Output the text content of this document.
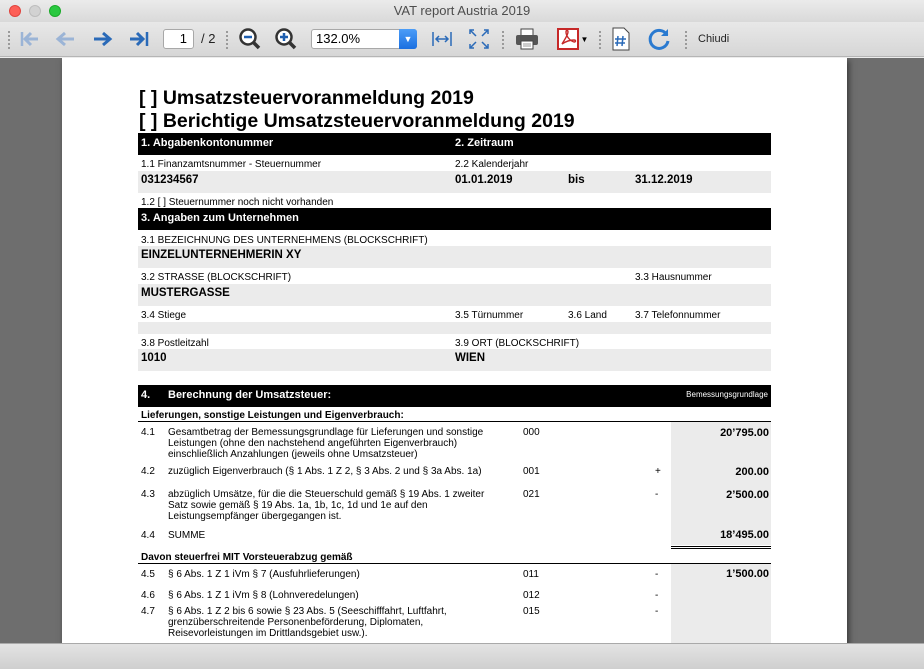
VAT report Austria 2019
1	/ 2	132.0%	▼	▼	Chiudi
[ ] Umsatzsteuervoranmeldung 2019
[ ] Berichtige Umsatzsteuervoranmeldung 2019
1. Abgabenkontonummer	2. Zeitraum
1.1 Finanzamtsnummer - Steuernummer	2.2 Kalenderjahr
031234567	01.01.2019	bis	31.12.2019
1.2 [ ] Steuernummer noch nicht vorhanden
3. Angaben zum Unternehmen
3.1 BEZEICHNUNG DES UNTERNEHMENS (BLOCKSCHRIFT)
EINZELUNTERNEHMERIN XY
3.2 STRASSE (BLOCKSCHRIFT)	3.3 Hausnummer
MUSTERGASSE
3.4 Stiege	3.5 Türnummer	3.6 Land	3.7 Telefonnummer
3.8 Postleitzahl	3.9 ORT (BLOCKSCHRIFT)
1010	WIEN
4. Berechnung der Umsatzsteuer:	Bemessungsgrundlage
Lieferungen, sonstige Leistungen und Eigenverbrauch:
4.1 Gesamtbetrag der Bemessungsgrundlage für Lieferungen und sonstige
Leistungen (ohne den nachstehend angeführten Eigenverbrauch)
einschließlich Anzahlungen (jeweils ohne Umsatzsteuer)
000	20’795.00
4.2 zuzüglich Eigenverbrauch (§ 1 Abs. 1 Z 2, § 3 Abs. 2 und § 3a Abs. 1a)	001	+	200.00
4.3 abzüglich Umsätze, für die die Steuerschuld gemäß § 19 Abs. 1 zweiter
Satz sowie gemäß § 19 Abs. 1a, 1b, 1c, 1d und 1e auf den
Leistungsempfänger übergegangen ist.
021	-	2’500.00
4.4 SUMME	18’495.00
Davon steuerfrei MIT Vorsteuerabzug gemäß
4.5 § 6 Abs. 1 Z 1 iVm § 7 (Ausfuhrlieferungen)	011	-	1’500.00
4.6 § 6 Abs. 1 Z 1 iVm § 8 (Lohnveredelungen)	012	-
4.7 § 6 Abs. 1 Z 2 bis 6 sowie § 23 Abs. 5 (Seeschifffahrt, Luftfahrt,
grenzüberschreitende Personenbeförderung, Diplomaten,
Reisevorleistungen im Drittlandsgebiet usw.).
015	-
